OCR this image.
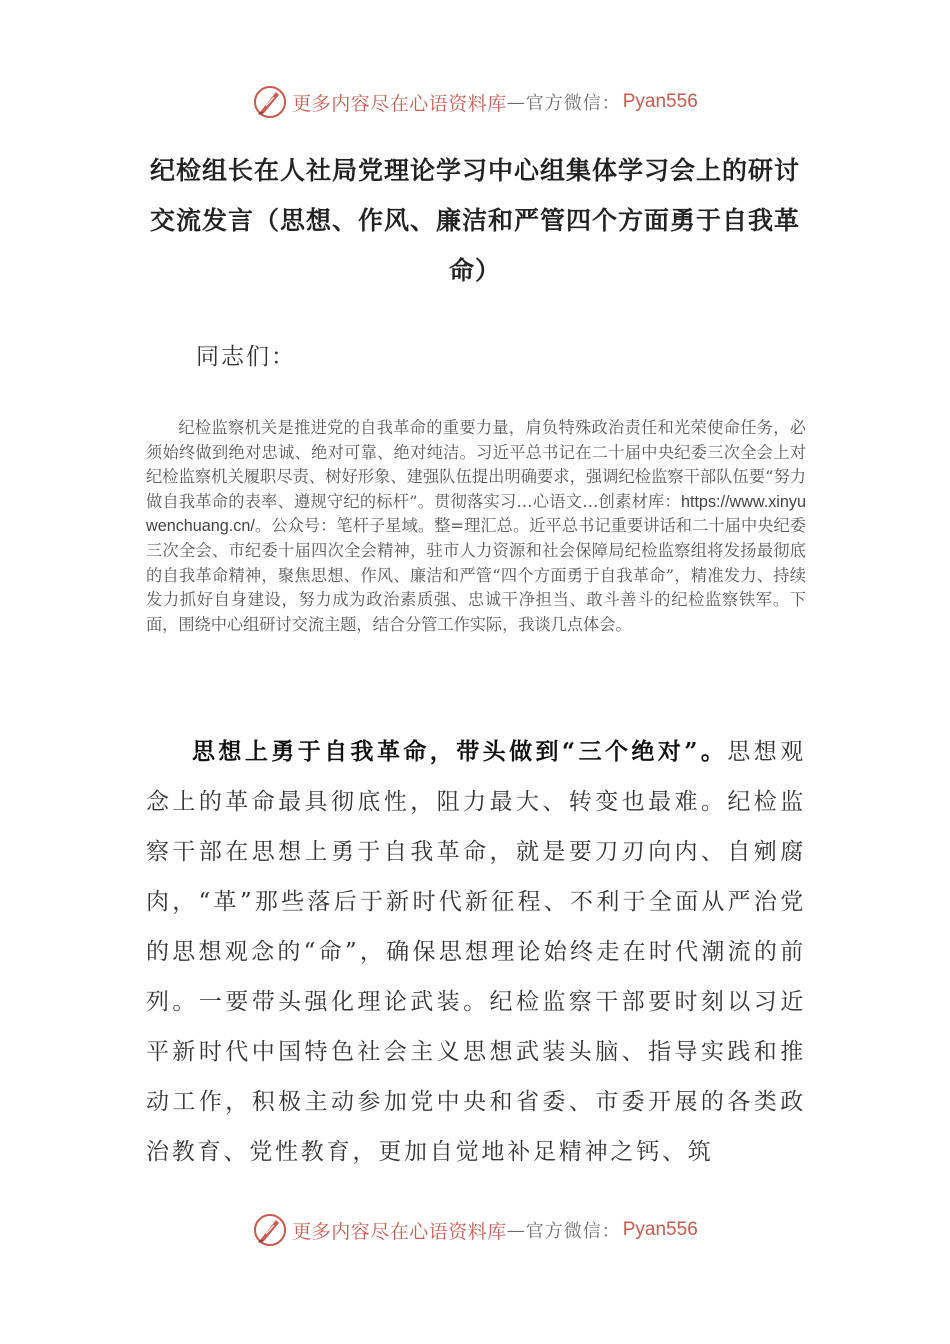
更多内容尽在心语资料库 — 官方微信： Pyan556
纪检组长在人社局党理论学习中心组集体学习会上的研讨交流发言（思想、作风、廉洁和严管四个方面勇于自我革命）
同志们：

纪检监察机关是推进党的自我革命的重要力量，肩负特殊政治责任和光荣使命任务，必须始终做到绝对忠诚、绝对可靠、绝对纯洁。习近平总书记在二十届中央纪委三次全会上对纪检监察机关履职尽责、树好形象、建强队伍提出明确要求，强调纪检监察干部队伍要“努力做自我革命的表率、遵规守纪的标杆”。贯彻落实习…心语文…创素材库：https://www.xinyuwenchuang.cn/。公众号：笔杆子星域。整=理汇总。近平总书记重要讲话和二十届中央纪委三次全会、市纪委十届四次全会精神，驻市人力资源和社会保障局纪检监察组将发扬最彻底的自我革命精神，聚焦思想、作风、廉洁和严管“四个方面勇于自我革命”，精准发力、持续发力抓好自身建设，努力成为政治素质强、忠诚干净担当、敢斗善斗的纪检监察铁军。下面，围绕中心组研讨交流主题，结合分管工作实际，我谈几点体会。

思想上勇于自我革命，带头做到“三个绝对”。思想观念上的革命最具彻底性，阻力最大、转变也最难。纪检监察干部在思想上勇于自我革命，就是要刀刃向内、自剜腐肉，“革”那些落后于新时代新征程、不利于全面从严治党的思想观念的“命”，确保思想理论始终走在时代潮流的前列。一要带头强化理论武装。纪检监察干部要时刻以习近平新时代中国特色社会主义思想武装头脑、指导实践和推动工作，积极主动参加党中央和省委、市委开展的各类政治教育、党性教育，更加自觉地补足精神之钙、筑

更多内容尽在心语资料库 — 官方微信： Pyan556
